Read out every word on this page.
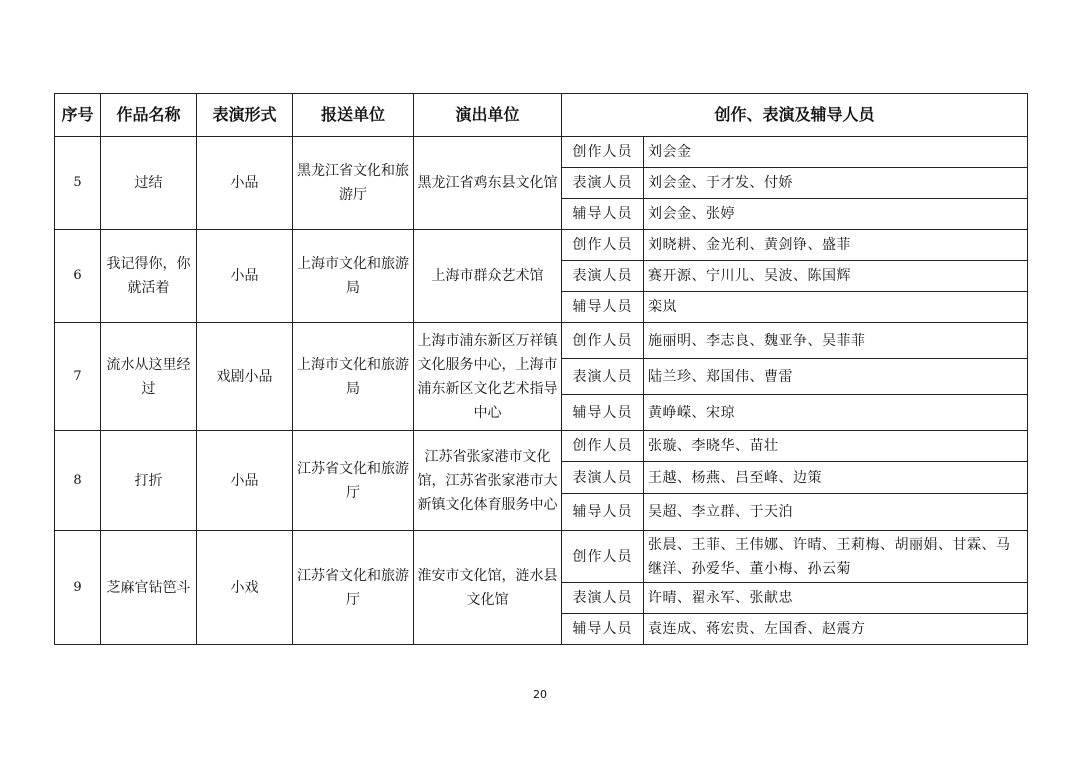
序号	作品名称	表演形式	报送单位	演出单位	创作、表演及辅导人员	
5	过结	小品	黑龙江省文化和旅游厅	黑龙江省鸡东县文化馆	创作人员	刘会金
					表演人员	刘会金、于才发、付娇
					辅导人员	刘会金、张婷
6	我记得你，你就活着	小品	上海市文化和旅游局	上海市群众艺术馆	创作人员	刘晓耕、金光利、黄剑铮、盛菲
					表演人员	赛开源、宁川儿、吴波、陈国辉
					辅导人员	栾岚
7	流水从这里经过	戏剧小品	上海市文化和旅游局	上海市浦东新区万祥镇文化服务中心，上海市浦东新区文化艺术指导中心	创作人员	施丽明、李志良、魏亚争、吴菲菲
					表演人员	陆兰珍、郑国伟、曹雷
					辅导人员	黄峥嵘、宋琼
8	打折	小品	江苏省文化和旅游厅	江苏省张家港市文化馆，江苏省张家港市大新镇文化体育服务中心	创作人员	张璇、李晓华、苗壮
					表演人员	王越、杨燕、吕至峰、边策
					辅导人员	吴超、李立群、于天泊
9	芝麻官钻笆斗	小戏	江苏省文化和旅游厅	淮安市文化馆，涟水县文化馆	创作人员	张晨、王菲、王伟娜、许晴、王莉梅、胡丽娟、甘霖、马继洋、孙爱华、董小梅、孙云菊
					表演人员	许晴、翟永军、张献忠
					辅导人员	袁连成、蒋宏贵、左国香、赵震方
20
